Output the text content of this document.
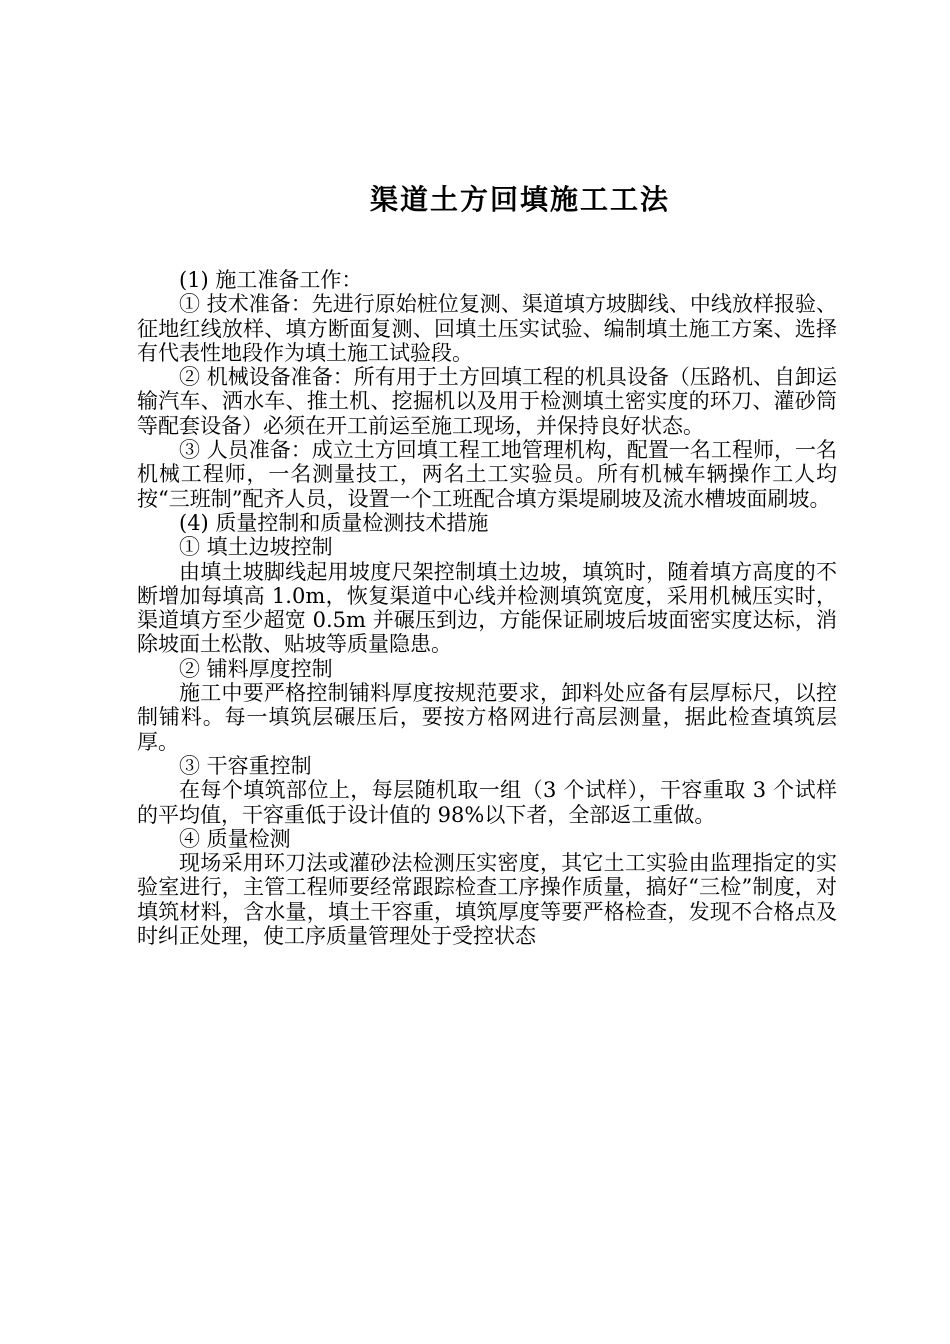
渠道土方回填施工工法

(1) 施工准备工作：

① 技术准备：先进行原始桩位复测、渠道填方坡脚线、中线放样报验、征地红线放样、填方断面复测、回填土压实试验、编制填土施工方案、选择有代表性地段作为填土施工试验段。

② 机械设备准备：所有用于土方回填工程的机具设备（压路机、自卸运输汽车、洒水车、推土机、挖掘机以及用于检测填土密实度的环刀、灌砂筒等配套设备）必须在开工前运至施工现场，并保持良好状态。

③ 人员准备：成立土方回填工程工地管理机构，配置一名工程师，一名机械工程师，一名测量技工，两名土工实验员。所有机械车辆操作工人均按“三班制”配齐人员，设置一个工班配合填方渠堤刷坡及流水槽坡面刷坡。

(4) 质量控制和质量检测技术措施

① 填土边坡控制

由填土坡脚线起用坡度尺架控制填土边坡，填筑时，随着填方高度的不断增加每填高 1.0m，恢复渠道中心线并检测填筑宽度，采用机械压实时，渠道填方至少超宽 0.5m 并碾压到边，方能保证刷坡后坡面密实度达标，消除坡面土松散、贴坡等质量隐患。

② 铺料厚度控制

施工中要严格控制铺料厚度按规范要求，卸料处应备有层厚标尺，以控制铺料。每一填筑层碾压后，要按方格网进行高层测量，据此检查填筑层厚。

③ 干容重控制

在每个填筑部位上，每层随机取一组（3 个试样），干容重取 3 个试样的平均值，干容重低于设计值的 98%以下者，全部返工重做。

④ 质量检测

现场采用环刀法或灌砂法检测压实密度，其它土工实验由监理指定的实验室进行，主管工程师要经常跟踪检查工序操作质量，搞好“三检”制度，对填筑材料，含水量，填土干容重，填筑厚度等要严格检查，发现不合格点及时纠正处理，使工序质量管理处于受控状态
